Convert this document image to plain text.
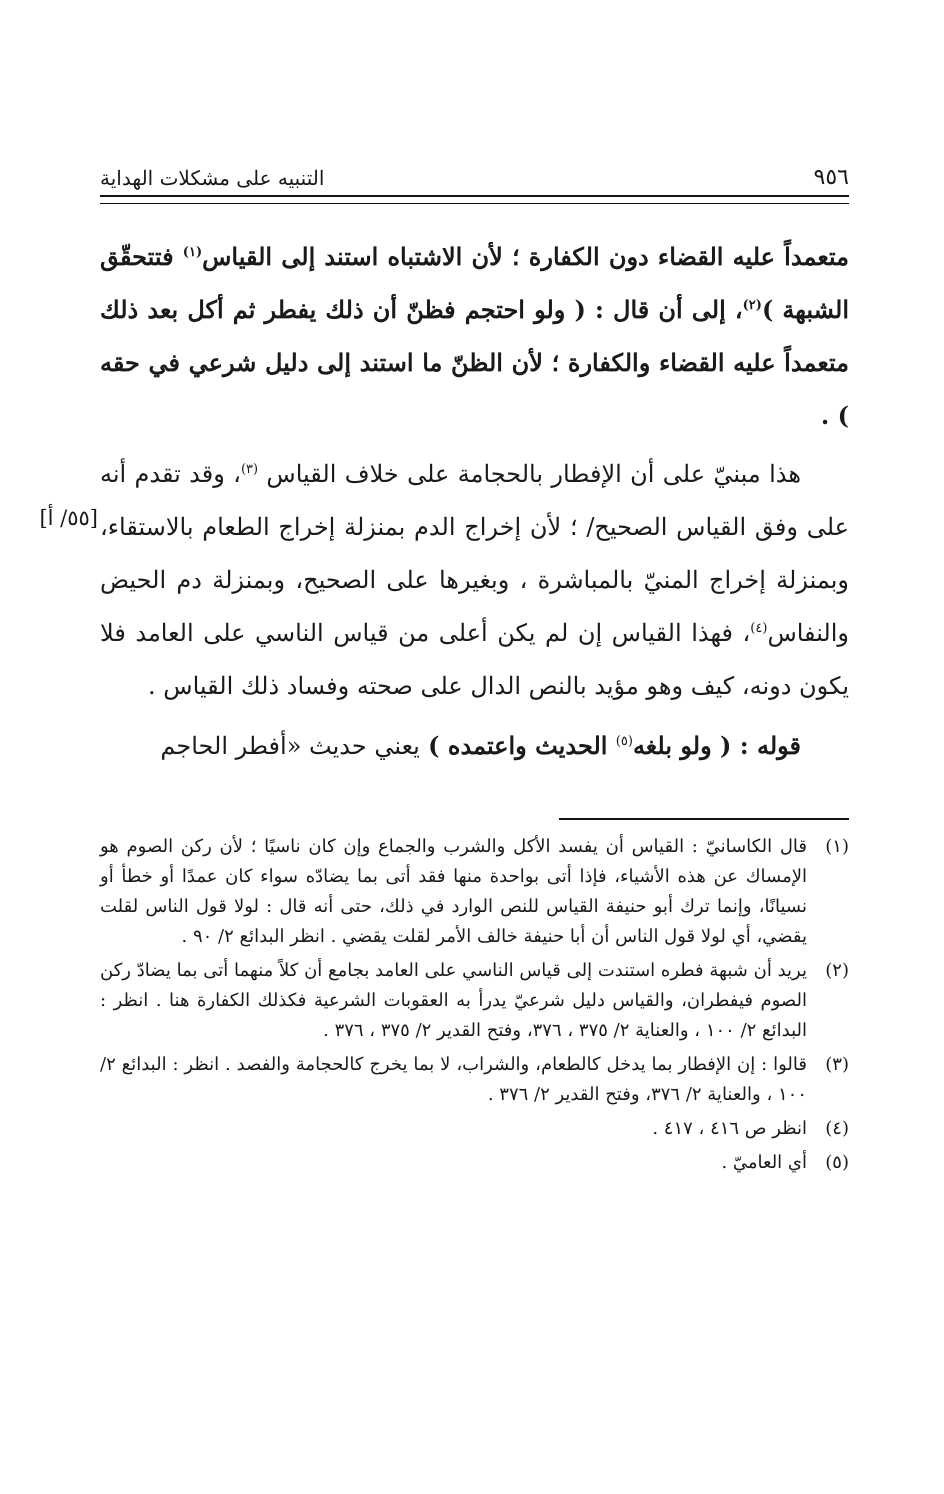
٩٥٦
التنبيه على مشكلات الهداية
[٥٥/ أ]

متعمداً عليه القضاء دون الكفارة ؛ لأن الاشتباه استند إلى القياس$^{(١)}$ فتتحقّق الشبهة )$^{(٢)}$، إلى أن قال : ( ولو احتجم فظنّ أن ذلك يفطر ثم أكل بعد ذلك متعمداً عليه القضاء والكفارة ؛ لأن الظنّ ما استند إلى دليل شرعي في حقه ) .

هذا مبنيّ على أن الإفطار بالحجامة على خلاف القياس $^{(٣)}$، وقد تقدم أنه على وفق القياس الصحيح/ ؛ لأن إخراج الدم بمنزلة إخراج الطعام بالاستقاء، وبمنزلة إخراج المنيّ بالمباشرة ، وبغيرها على الصحيح، وبمنزلة دم الحيض والنفاس$^{(٤)}$، فهذا القياس إن لم يكن أعلى من قياس الناسي على العامد فلا يكون دونه، كيف وهو مؤيد بالنص الدال على صحته وفساد ذلك القياس .

قوله : ( ولو بلغه$^{(٥)}$ الحديث واعتمده ) يعني حديث «أفطر الحاجم

(١)
قال الكاسانيّ : القياس أن يفسد الأكل والشرب والجماع وإن كان ناسيًا ؛ لأن ركن الصوم هو الإمساك عن هذه الأشياء، فإذا أتى بواحدة منها فقد أتى بما يضادّه سواء كان عمدًا أو خطأ أو نسيانًا، وإنما ترك أبو حنيفة القياس للنص الوارد في ذلك، حتى أنه قال : لولا قول الناس لقلت يقضي، أي لولا قول الناس أن أبا حنيفة خالف الأمر لقلت يقضي . انظر البدائع ٢/ ٩٠ .
(٢)
يريد أن شبهة فطره استندت إلى قياس الناسي على العامد بجامع أن كلاً منهما أتى بما يضادّ ركن الصوم فيفطران، والقياس دليل شرعيّ يدرأ به العقوبات الشرعية فكذلك الكفارة هنا . انظر : البدائع ٢/ ١٠٠ ، والعناية ٢/ ٣٧٥ ، ٣٧٦، وفتح القدير ٢/ ٣٧٥ ، ٣٧٦ .
(٣)
قالوا : إن الإفطار بما يدخل كالطعام، والشراب، لا بما يخرج كالحجامة والفصد . انظر : البدائع ٢/ ١٠٠ ، والعناية ٢/ ٣٧٦، وفتح القدير ٢/ ٣٧٦ .
(٤)
انظر ص ٤١٦ ، ٤١٧ .
(٥)
أي العاميّ .
